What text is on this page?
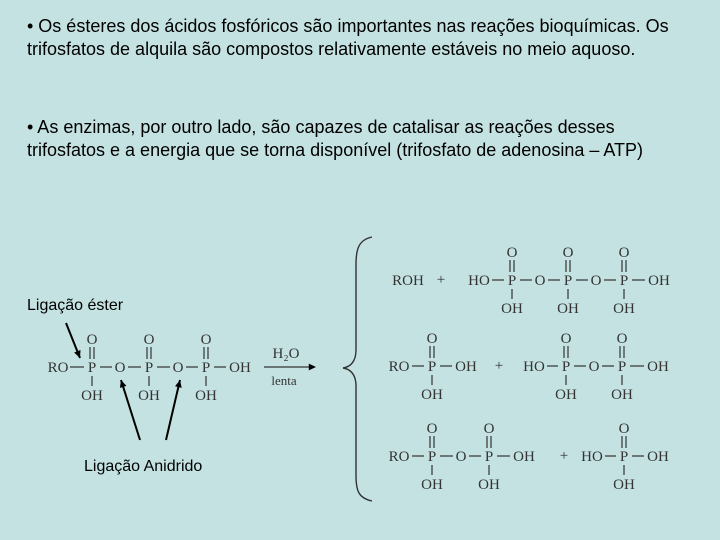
• Os ésteres dos ácidos fosfóricos são importantes nas reações bioquímicas. Os trifosfatos de alquila são compostos relativamente estáveis no meio aquoso.

• As enzimas, por outro lado, são capazes de catalisar as reações desses trifosfatos e a energia que se torna disponível (trifosfato de adenosina – ATP)

Ligação éster
Ligação Anidrido
RO P
O
OH
O P
O
OH
O P
O
OH
OH
H₂O
lenta
ROH + HO P
O
OH
O P
O
OH
O P
O
OH
OH
RO P
O
OH
OH + HO P
O
OH
O P
O
OH
OH
RO P
O
OH
O P
O
OH
OH + HO P
O
OH
OH
